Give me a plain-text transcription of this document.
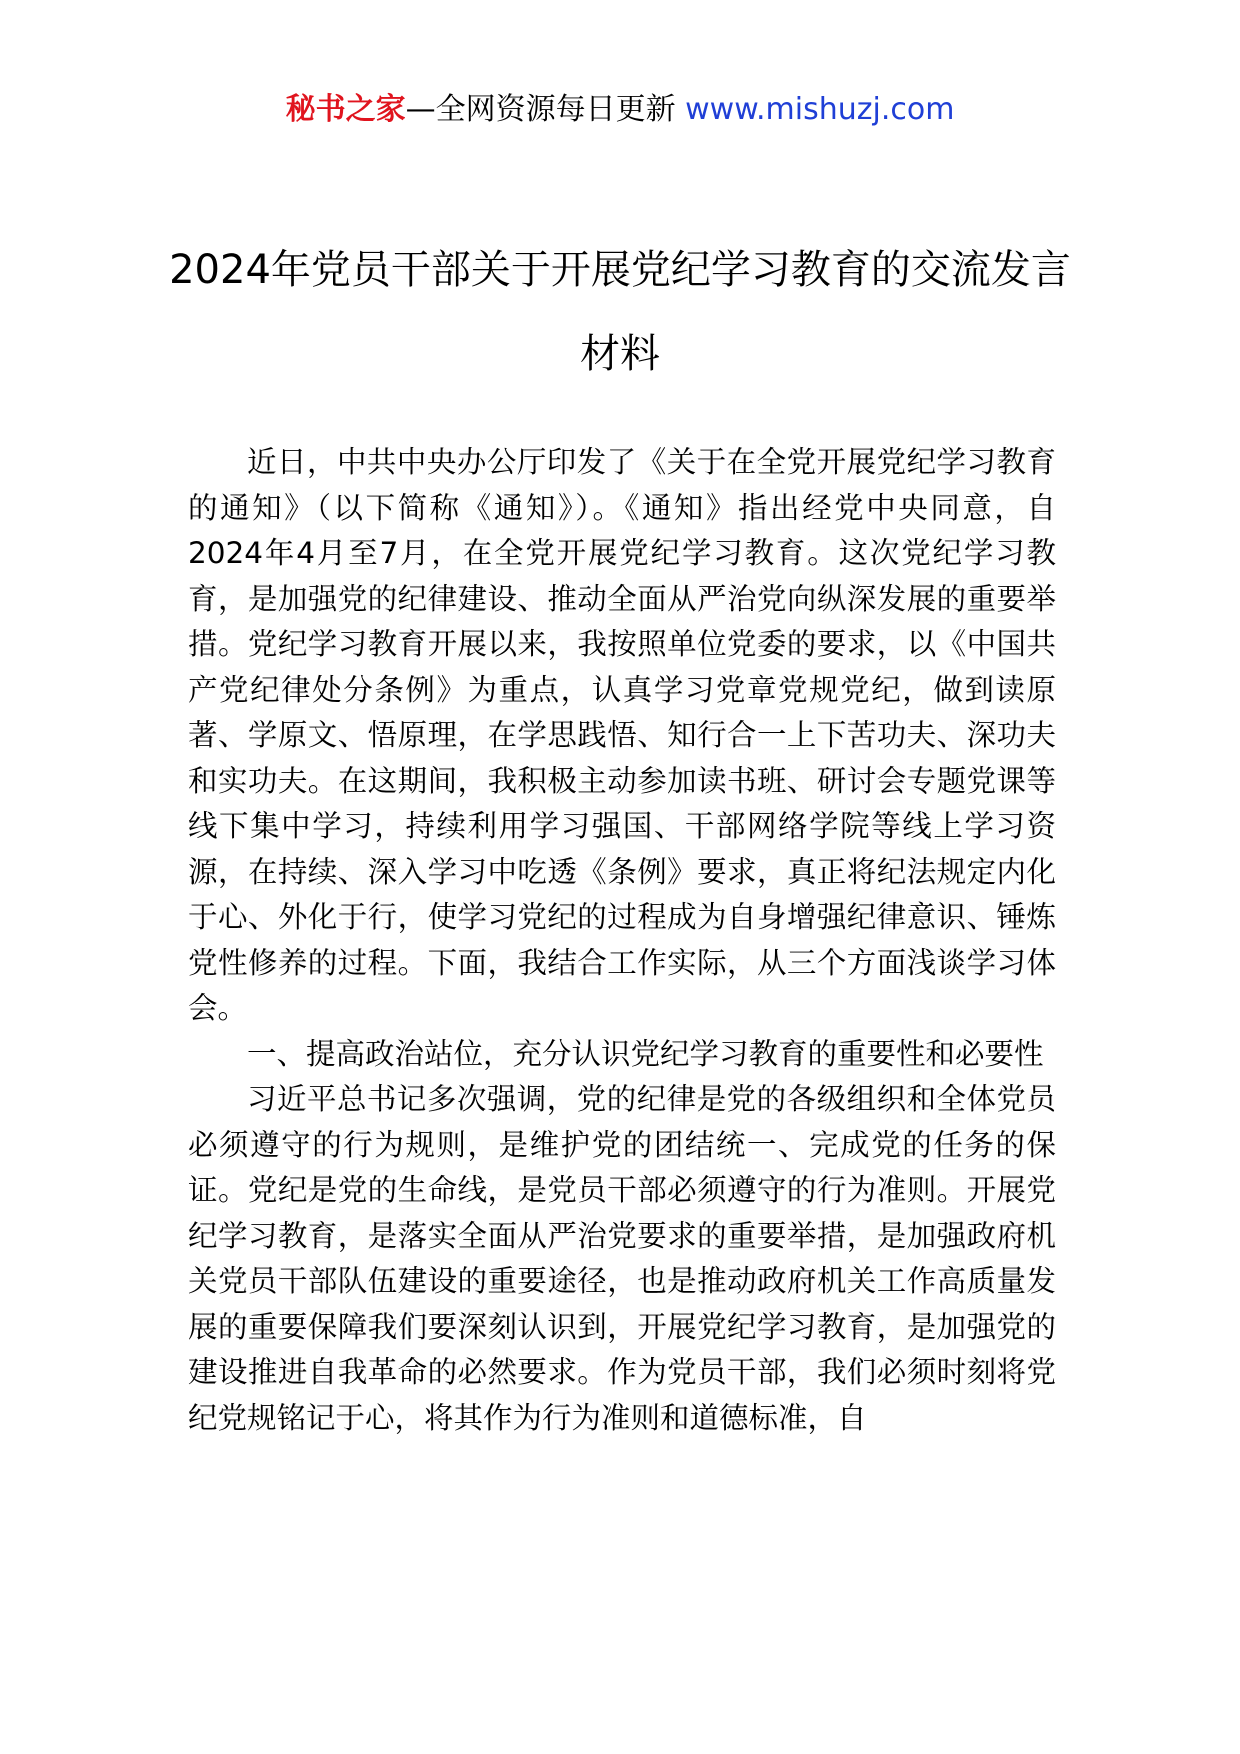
秘书之家—全网资源每日更新 www.mishuzj.com
2024年党员干部关于开展党纪学习教育的交流发言材料

近日，中共中央办公厅印发了《关于在全党开展党纪学习教育的通知》（以下简称《通知》）。《通知》指出经党中央同意，自2024年4月至7月，在全党开展党纪学习教育。这次党纪学习教育，是加强党的纪律建设、推动全面从严治党向纵深发展的重要举措。党纪学习教育开展以来，我按照单位党委的要求，以《中国共产党纪律处分条例》为重点，认真学习党章党规党纪，做到读原著、学原文、悟原理，在学思践悟、知行合一上下苦功夫、深功夫和实功夫。在这期间，我积极主动参加读书班、研讨会专题党课等线下集中学习，持续利用学习强国、干部网络学院等线上学习资源，在持续、深入学习中吃透《条例》要求，真正将纪法规定内化于心、外化于行，使学习党纪的过程成为自身增强纪律意识、锤炼党性修养的过程。下面，我结合工作实际，从三个方面浅谈学习体会。

一、提高政治站位，充分认识党纪学习教育的重要性和必要性

习近平总书记多次强调，党的纪律是党的各级组织和全体党员必须遵守的行为规则，是维护党的团结统一、完成党的任务的保证。党纪是党的生命线，是党员干部必须遵守的行为准则。开展党纪学习教育，是落实全面从严治党要求的重要举措，是加强政府机关党员干部队伍建设的重要途径，也是推动政府机关工作高质量发展的重要保障我们要深刻认识到，开展党纪学习教育，是加强党的建设推进自我革命的必然要求。作为党员干部，我们必须时刻将党纪党规铭记于心，将其作为行为准则和道德标准，自
